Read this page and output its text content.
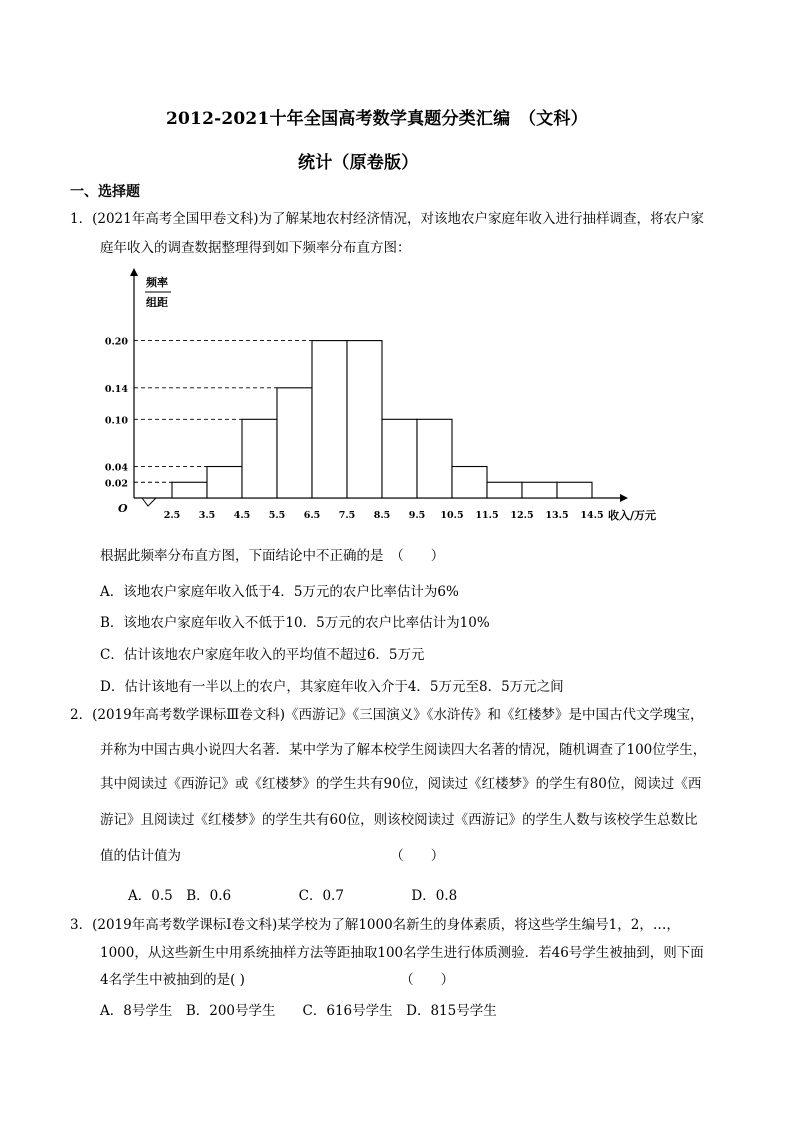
2012-2021十年全国高考数学真题分类汇编　（文科）
统计（原卷版）
一、选择题
1．(2021年高考全国甲卷文科)为了解某地农村经济情况，对该地农户家庭年收入进行抽样调查，将农户家
庭年收入的调查数据整理得到如下频率分布直方图：
频率
组距
O
0.02
0.04
0.10
0.14
0.20
2.5 3.5 4.5 5.5 6.5 7.5 8.5 9.5 10.5 11.5 12.5 13.5 14.5 收入/万元
根据此频率分布直方图，下面结论中不正确的是　（　　）
A．该地农户家庭年收入低于4．5万元的农户比率估计为6%
B．该地农户家庭年收入不低于10．5万元的农户比率估计为10%
C．估计该地农户家庭年收入的平均值不超过6．5万元
D．估计该地有一半以上的农户，其家庭年收入介于4．5万元至8．5万元之间
2．(2019年高考数学课标Ⅲ卷文科)《西游记》《三国演义》《水浒传》和《红楼梦》是中国古代文学瑰宝，
并称为中国古典小说四大名著．某中学为了解本校学生阅读四大名著的情况，随机调查了100位学生，
其中阅读过《西游记》或《红楼梦》的学生共有90位，阅读过《红楼梦》的学生有80位，阅读过《西
游记》且阅读过《红楼梦》的学生共有60位，则该校阅读过《西游记》的学生人数与该校学生总数比
值的估计值为　　　　　　　　　　　　　　　　（　　）
A．0.5　B．0.6　　　　　C．0.7　　　　　D．0.8
3．(2019年高考数学课标Ⅰ卷文科)某学校为了解1000名新生的身体素质，将这些学生编号1，2，…，
1000，从这些新生中用系统抽样方法等距抽取100名学生进行体质测验．若46号学生被抽到，则下面
4名学生中被抽到的是( )　　　　　　　　　　　　（　　）
A．8号学生　B．200号学生　　C．616号学生　D．815号学生
